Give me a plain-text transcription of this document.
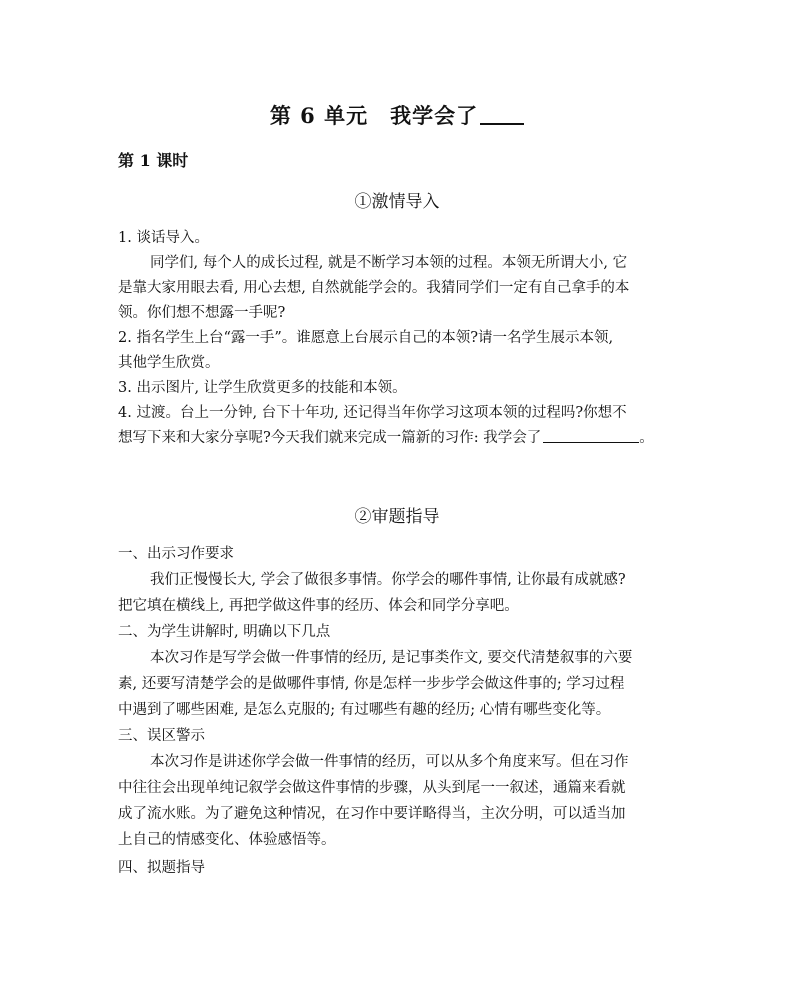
第 6 单元　我学会了
第 1 课时
①激情导入
1. 谈话导入。
同学们, 每个人的成长过程, 就是不断学习本领的过程。本领无所谓大小, 它
是靠大家用眼去看, 用心去想, 自然就能学会的。我猜同学们一定有自己拿手的本
领。你们想不想露一手呢?
2. 指名学生上台“露一手”。谁愿意上台展示自己的本领?请一名学生展示本领,
其他学生欣赏。
3. 出示图片, 让学生欣赏更多的技能和本领。
4. 过渡。台上一分钟, 台下十年功, 还记得当年你学习这项本领的过程吗?你想不
想写下来和大家分享呢?今天我们就来完成一篇新的习作: 我学会了	。
②审题指导
一、出示习作要求
我们正慢慢长大, 学会了做很多事情。你学会的哪件事情, 让你最有成就感?
把它填在横线上, 再把学做这件事的经历、体会和同学分享吧。
二、为学生讲解时, 明确以下几点
本次习作是写学会做一件事情的经历, 是记事类作文, 要交代清楚叙事的六要
素, 还要写清楚学会的是做哪件事情, 你是怎样一步步学会做这件事的; 学习过程
中遇到了哪些困难, 是怎么克服的; 有过哪些有趣的经历; 心情有哪些变化等。
三、误区警示
本次习作是讲述你学会做一件事情的经历，可以从多个角度来写。但在习作
中往往会出现单纯记叙学会做这件事情的步骤，从头到尾一一叙述，通篇来看就
成了流水账。为了避免这种情况，在习作中要详略得当，主次分明，可以适当加
上自己的情感变化、体验感悟等。
四、拟题指导
